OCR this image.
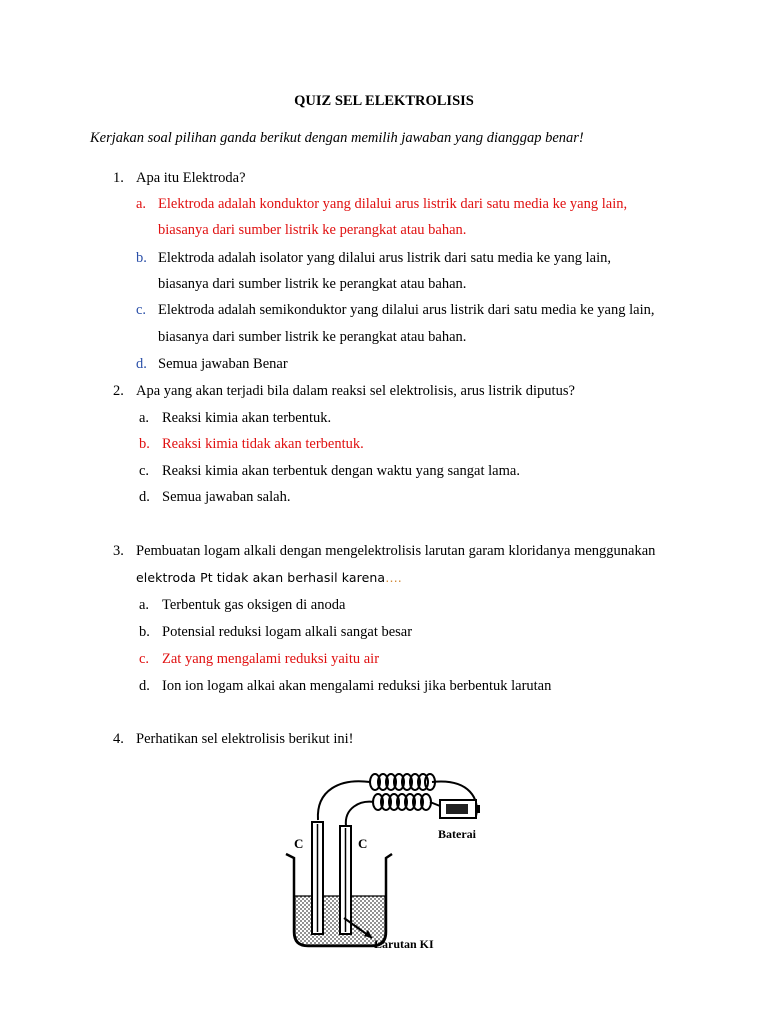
QUIZ SEL ELEKTROLISIS
Kerjakan soal pilihan ganda berikut dengan memilih jawaban yang dianggap benar!
1. Apa itu Elektroda?
a. Elektroda adalah konduktor yang dilalui arus listrik dari satu media ke yang lain,
biasanya dari sumber listrik ke perangkat atau bahan.
b. Elektroda adalah isolator yang dilalui arus listrik dari satu media ke yang lain,
biasanya dari sumber listrik ke perangkat atau bahan.
c. Elektroda adalah semikonduktor yang dilalui arus listrik dari satu media ke yang lain,
biasanya dari sumber listrik ke perangkat atau bahan.
d. Semua jawaban Benar
2. Apa yang akan terjadi bila dalam reaksi sel elektrolisis, arus listrik diputus?
a. Reaksi kimia akan terbentuk.
b. Reaksi kimia tidak akan terbentuk.
c. Reaksi kimia akan terbentuk dengan waktu yang sangat lama.
d. Semua jawaban salah.
3. Pembuatan logam alkali dengan mengelektrolisis larutan garam kloridanya menggunakan
elektroda Pt tidak akan berhasil karena….
a. Terbentuk gas oksigen di anoda
b. Potensial reduksi logam alkali sangat besar
c. Zat yang mengalami reduksi yaitu air
d. Ion ion logam alkai akan mengalami reduksi jika berbentuk larutan
4. Perhatikan sel elektrolisis berikut ini!
Baterai
C	C
Larutan KI
